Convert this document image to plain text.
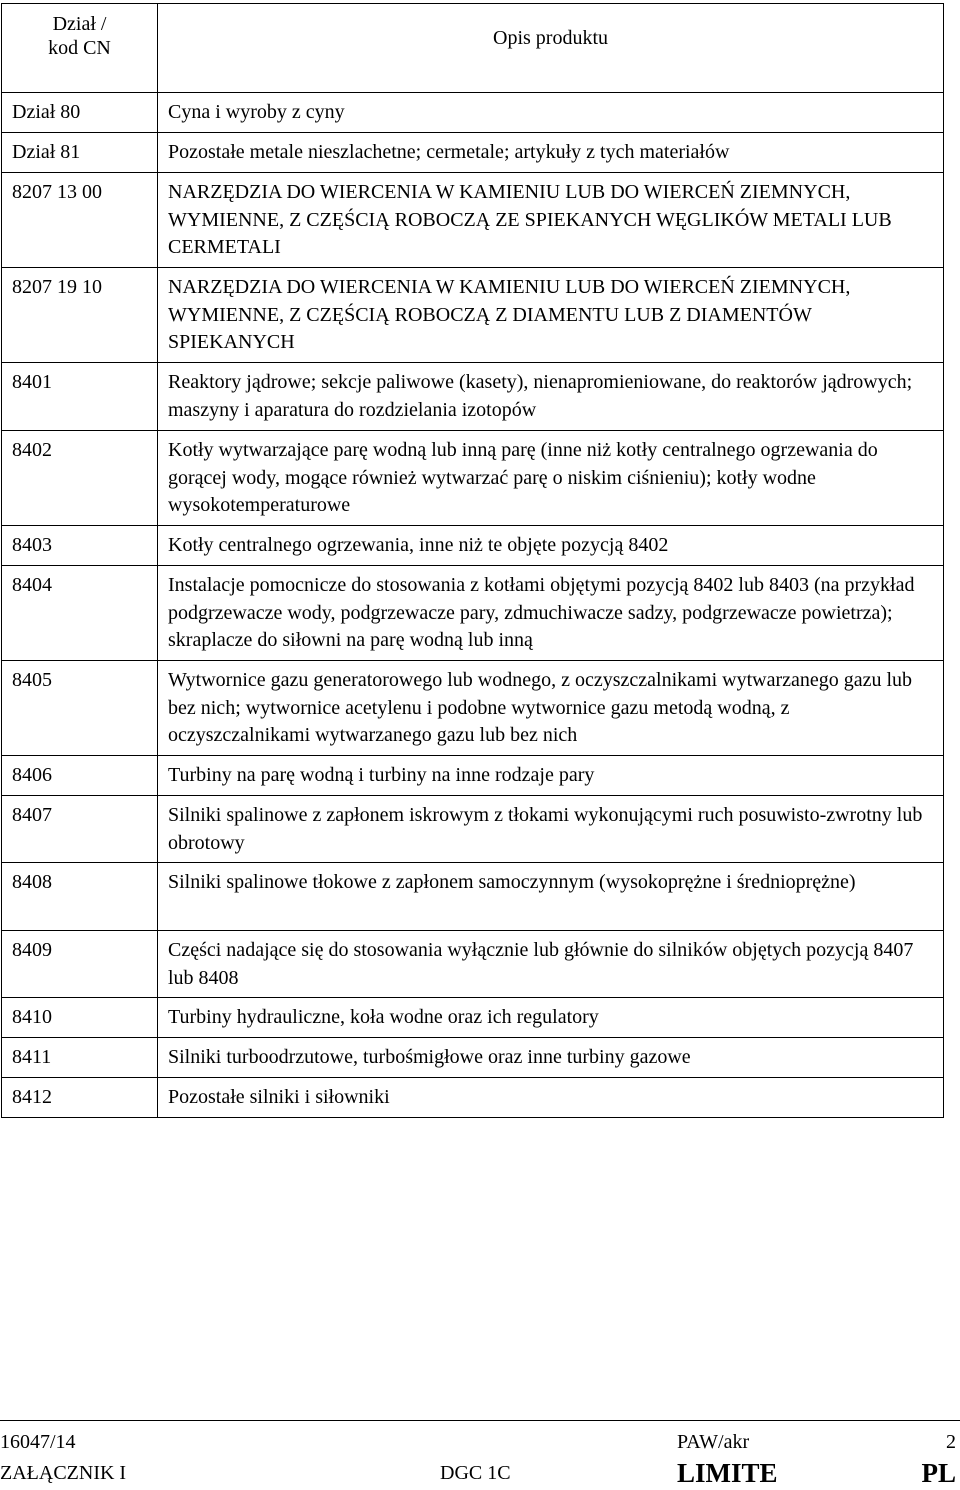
Dział /
kod CN	Opis produktu
Dział 80	Cyna i wyroby z cyny
Dział 81	Pozostałe metale nieszlachetne; cermetale; artykuły z tych materiałów
8207 13 00	NARZĘDZIA DO WIERCENIA W KAMIENIU LUB DO WIERCEŃ ZIEMNYCH, WYMIENNE, Z CZĘŚCIĄ ROBOCZĄ ZE SPIEKANYCH WĘGLIKÓW METALI LUB CERMETALI
8207 19 10	NARZĘDZIA DO WIERCENIA W KAMIENIU LUB DO WIERCEŃ ZIEMNYCH, WYMIENNE, Z CZĘŚCIĄ ROBOCZĄ Z DIAMENTU LUB Z DIAMENTÓW SPIEKANYCH
8401	Reaktory jądrowe; sekcje paliwowe (kasety), nienapromieniowane, do reaktorów jądrowych; maszyny i aparatura do rozdzielania izotopów
8402	Kotły wytwarzające parę wodną lub inną parę (inne niż kotły centralnego ogrzewania do gorącej wody, mogące również wytwarzać parę o niskim ciśnieniu); kotły wodne wysokotemperaturowe
8403	Kotły centralnego ogrzewania, inne niż te objęte pozycją 8402
8404	Instalacje pomocnicze do stosowania z kotłami objętymi pozycją 8402 lub 8403 (na przykład podgrzewacze wody, podgrzewacze pary, zdmuchiwacze sadzy, podgrzewacze powietrza); skraplacze do siłowni na parę wodną lub inną
8405	Wytwornice gazu generatorowego lub wodnego, z oczyszczalnikami wytwarzanego gazu lub bez nich; wytwornice acetylenu i podobne wytwornice gazu metodą wodną, z oczyszczalnikami wytwarzanego gazu lub bez nich
8406	Turbiny na parę wodną i turbiny na inne rodzaje pary
8407	Silniki spalinowe z zapłonem iskrowym z tłokami wykonującymi ruch posuwisto-zwrotny lub obrotowy
8408	Silniki spalinowe tłokowe z zapłonem samoczynnym (wysokoprężne i średnioprężne)
8409	Części nadające się do stosowania wyłącznie lub głównie do silników objętych pozycją 8407 lub 8408
8410	Turbiny hydrauliczne, koła wodne oraz ich regulatory
8411	Silniki turboodrzutowe, turbośmigłowe oraz inne turbiny gazowe
8412	Pozostałe silniki i siłowniki
16047/14	PAW/akr	2
ZAŁĄCZNIK I	DGC 1C	LIMITE	PL
